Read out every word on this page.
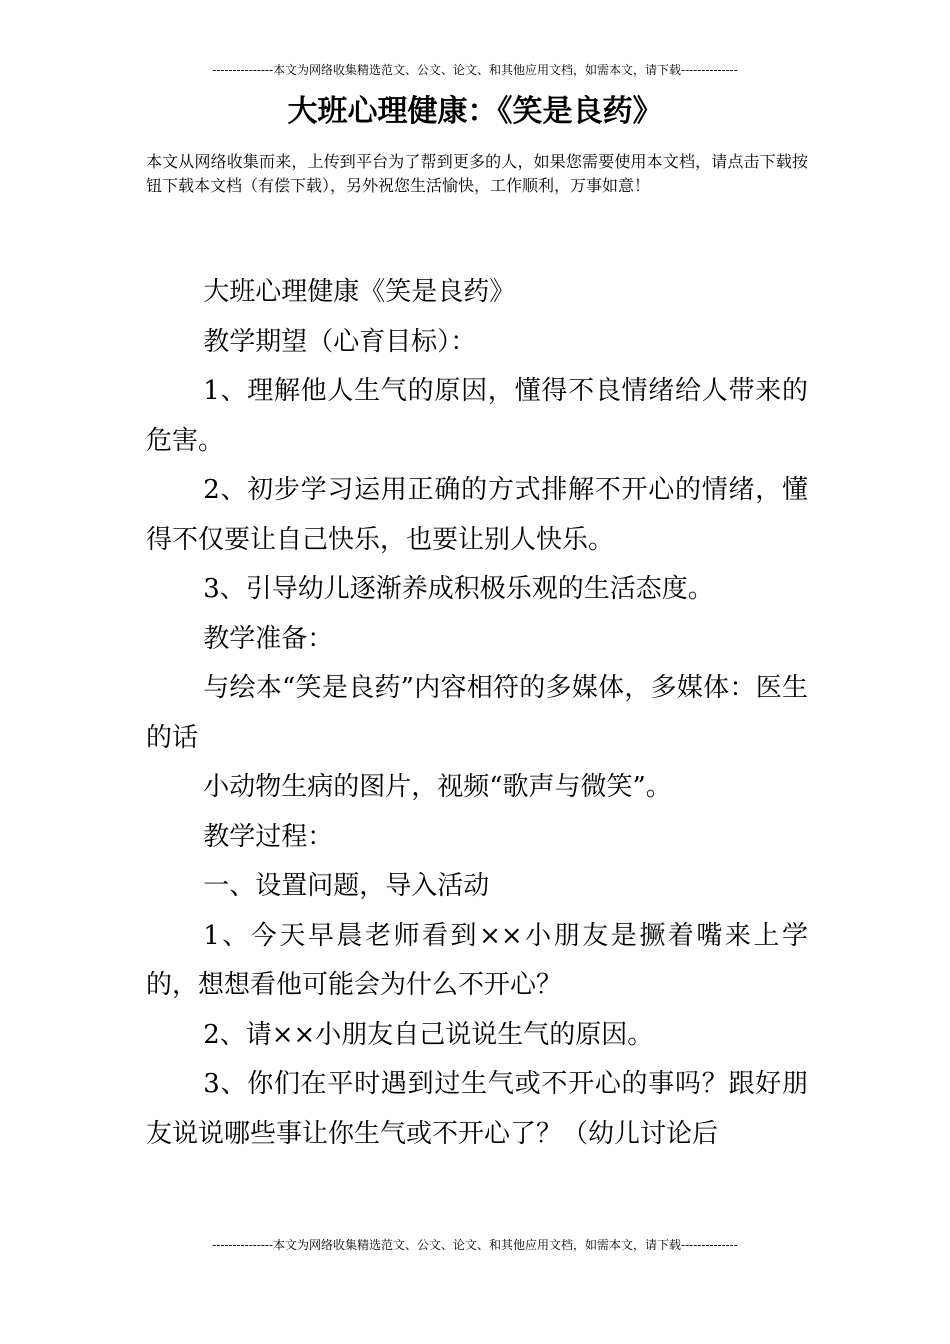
---------------本文为网络收集精选范文、公文、论文、和其他应用文档，如需本文，请下载--------------
大班心理健康：《笑是良药》

本文从网络收集而来，上传到平台为了帮到更多的人，如果您需要使用本文档，请点击下载按钮下载本文档（有偿下载），另外祝您生活愉快，工作顺利，万事如意！

大班心理健康《笑是良药》

教学期望（心育目标）：

1、理解他人生气的原因，懂得不良情绪给人带来的危害。

2、初步学习运用正确的方式排解不开心的情绪，懂得不仅要让自己快乐，也要让别人快乐。

3、引导幼儿逐渐养成积极乐观的生活态度。

教学准备：

与绘本“笑是良药”内容相符的多媒体，多媒体：医生的话

小动物生病的图片，视频“歌声与微笑”。

教学过程：

一、设置问题，导入活动

1、今天早晨老师看到××小朋友是撅着嘴来上学的，想想看他可能会为什么不开心？

2、请××小朋友自己说说生气的原因。

3、你们在平时遇到过生气或不开心的事吗？跟好朋友说说哪些事让你生气或不开心了？（幼儿讨论后

---------------本文为网络收集精选范文、公文、论文、和其他应用文档，如需本文，请下载--------------
